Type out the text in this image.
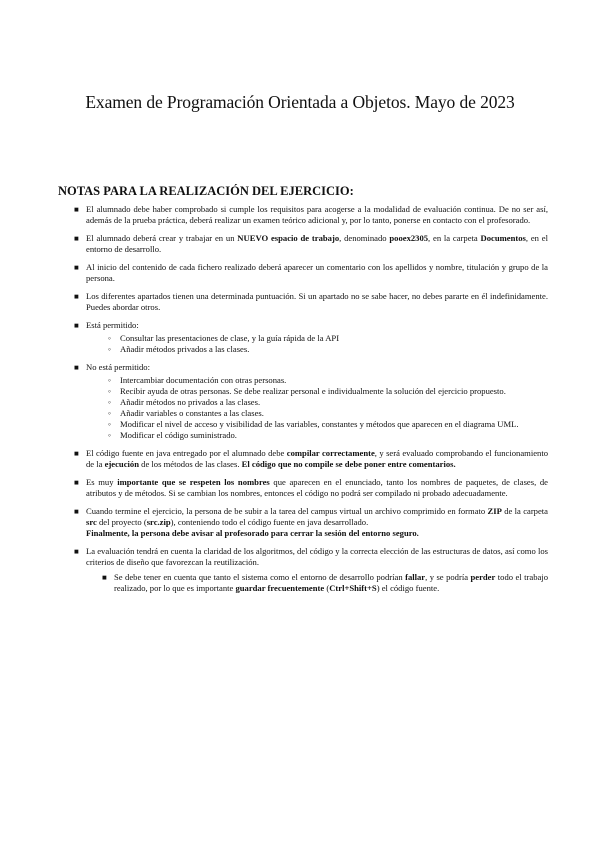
Examen de Programación Orientada a Objetos. Mayo de 2023
NOTAS PARA LA REALIZACIÓN DEL EJERCICIO:
■ El alumnado debe haber comprobado si cumple los requisitos para acogerse a la modalidad de evaluación continua. De no ser así, además de la prueba práctica, deberá realizar un examen teórico adicional y, por lo tanto, ponerse en contacto con el profesorado.
■ El alumnado deberá crear y trabajar en un NUEVO espacio de trabajo, denominado pooex2305, en la carpeta Documentos, en el entorno de desarrollo.
■ Al inicio del contenido de cada fichero realizado deberá aparecer un comentario con los apellidos y nombre, titulación y grupo de la persona.
■ Los diferentes apartados tienen una determinada puntuación. Si un apartado no se sabe hacer, no debes pararte en él indefinidamente. Puedes abordar otros.
■ Está permitido:
◦ Consultar las presentaciones de clase, y la guía rápida de la API
◦ Añadir métodos privados a las clases.
■ No está permitido:
◦ Intercambiar documentación con otras personas.
◦ Recibir ayuda de otras personas. Se debe realizar personal e individualmente la solución del ejercicio propuesto.
◦ Añadir métodos no privados a las clases.
◦ Añadir variables o constantes a las clases.
◦ Modificar el nivel de acceso y visibilidad de las variables, constantes y métodos que aparecen en el diagrama UML.
◦ Modificar el código suministrado.
■ El código fuente en java entregado por el alumnado debe compilar correctamente, y será evaluado comprobando el funcionamiento de la ejecución de los métodos de las clases. El código que no compile se debe poner entre comentarios.
■ Es muy importante que se respeten los nombres que aparecen en el enunciado, tanto los nombres de paquetes, de clases, de atributos y de métodos. Si se cambian los nombres, entonces el código no podrá ser compilado ni probado adecuadamente.
■ Cuando termine el ejercicio, la persona de be subir a la tarea del campus virtual un archivo comprimido en formato ZIP de la carpeta src del proyecto (src.zip), conteniendo todo el código fuente en java desarrollado.
Finalmente, la persona debe avisar al profesorado para cerrar la sesión del entorno seguro.
■ La evaluación tendrá en cuenta la claridad de los algoritmos, del código y la correcta elección de las estructuras de datos, así como los criterios de diseño que favorezcan la reutilización.
■ Se debe tener en cuenta que tanto el sistema como el entorno de desarrollo podrían fallar, y se podría perder todo el trabajo realizado, por lo que es importante guardar frecuentemente (Ctrl+Shift+S) el código fuente.
